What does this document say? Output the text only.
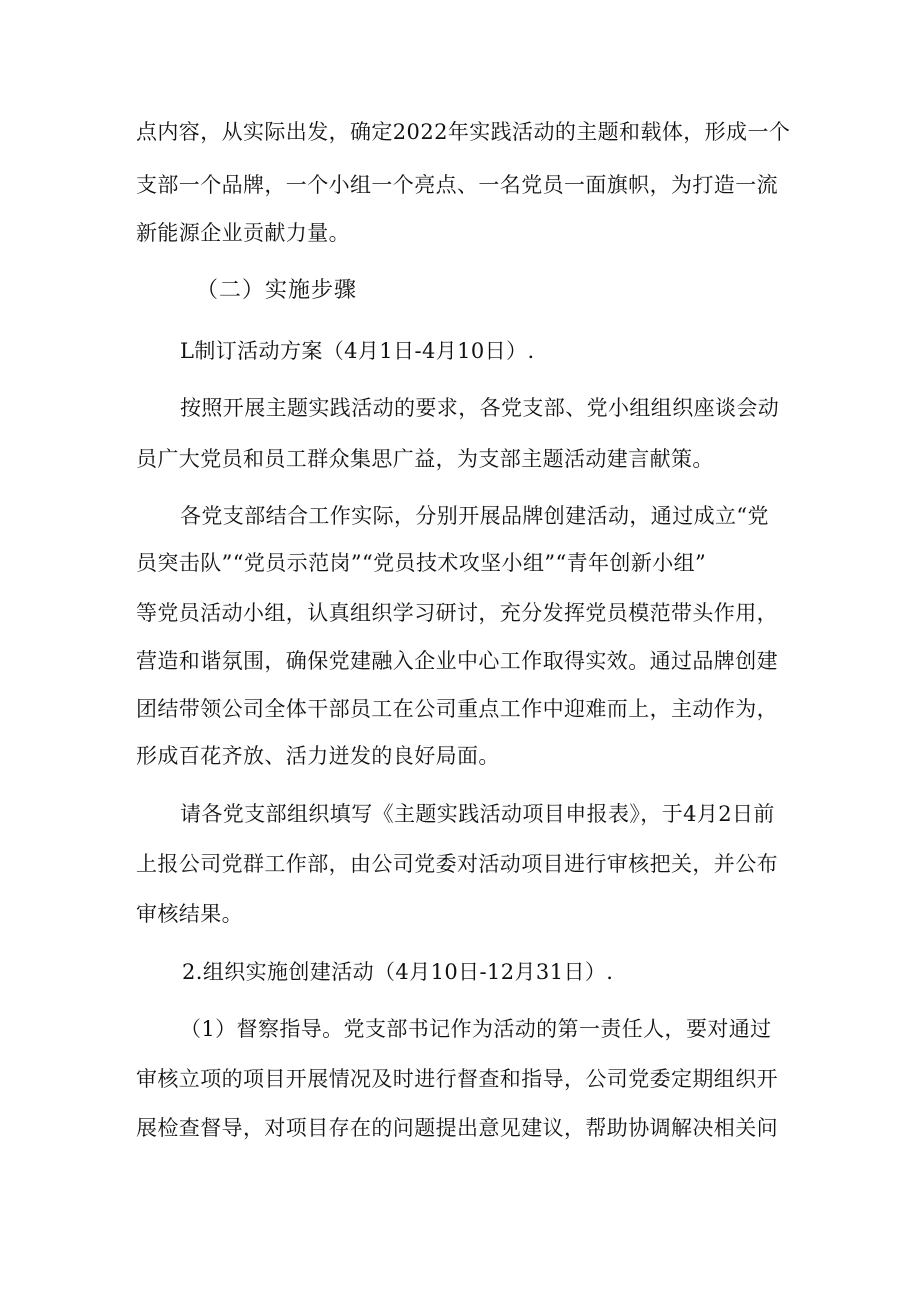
点内容，从实际出发，确定2022年实践活动的主题和载体，形成一个
支部一个品牌，一个小组一个亮点、一名党员一面旗帜，为打造一流
新能源企业贡献力量。
（二）实施步骤
L制订活动方案（4月1日-4月10日）.
按照开展主题实践活动的要求，各党支部、党小组组织座谈会动
员广大党员和员工群众集思广益，为支部主题活动建言献策。
各党支部结合工作实际，分别开展品牌创建活动，通过成立“党
员突击队”“党员示范岗”“党员技术攻坚小组”“青年创新小组”
等党员活动小组，认真组织学习研讨，充分发挥党员模范带头作用，
营造和谐氛围，确保党建融入企业中心工作取得实效。通过品牌创建
团结带领公司全体干部员工在公司重点工作中迎难而上，主动作为，
形成百花齐放、活力迸发的良好局面。
请各党支部组织填写《主题实践活动项目申报表》，于4月2日前
上报公司党群工作部，由公司党委对活动项目进行审核把关，并公布
审核结果。
2.组织实施创建活动（4月10日-12月31日）.
（1）督察指导。党支部书记作为活动的第一责任人，要对通过
审核立项的项目开展情况及时进行督查和指导，公司党委定期组织开
展检查督导，对项目存在的问题提出意见建议，帮助协调解决相关问
